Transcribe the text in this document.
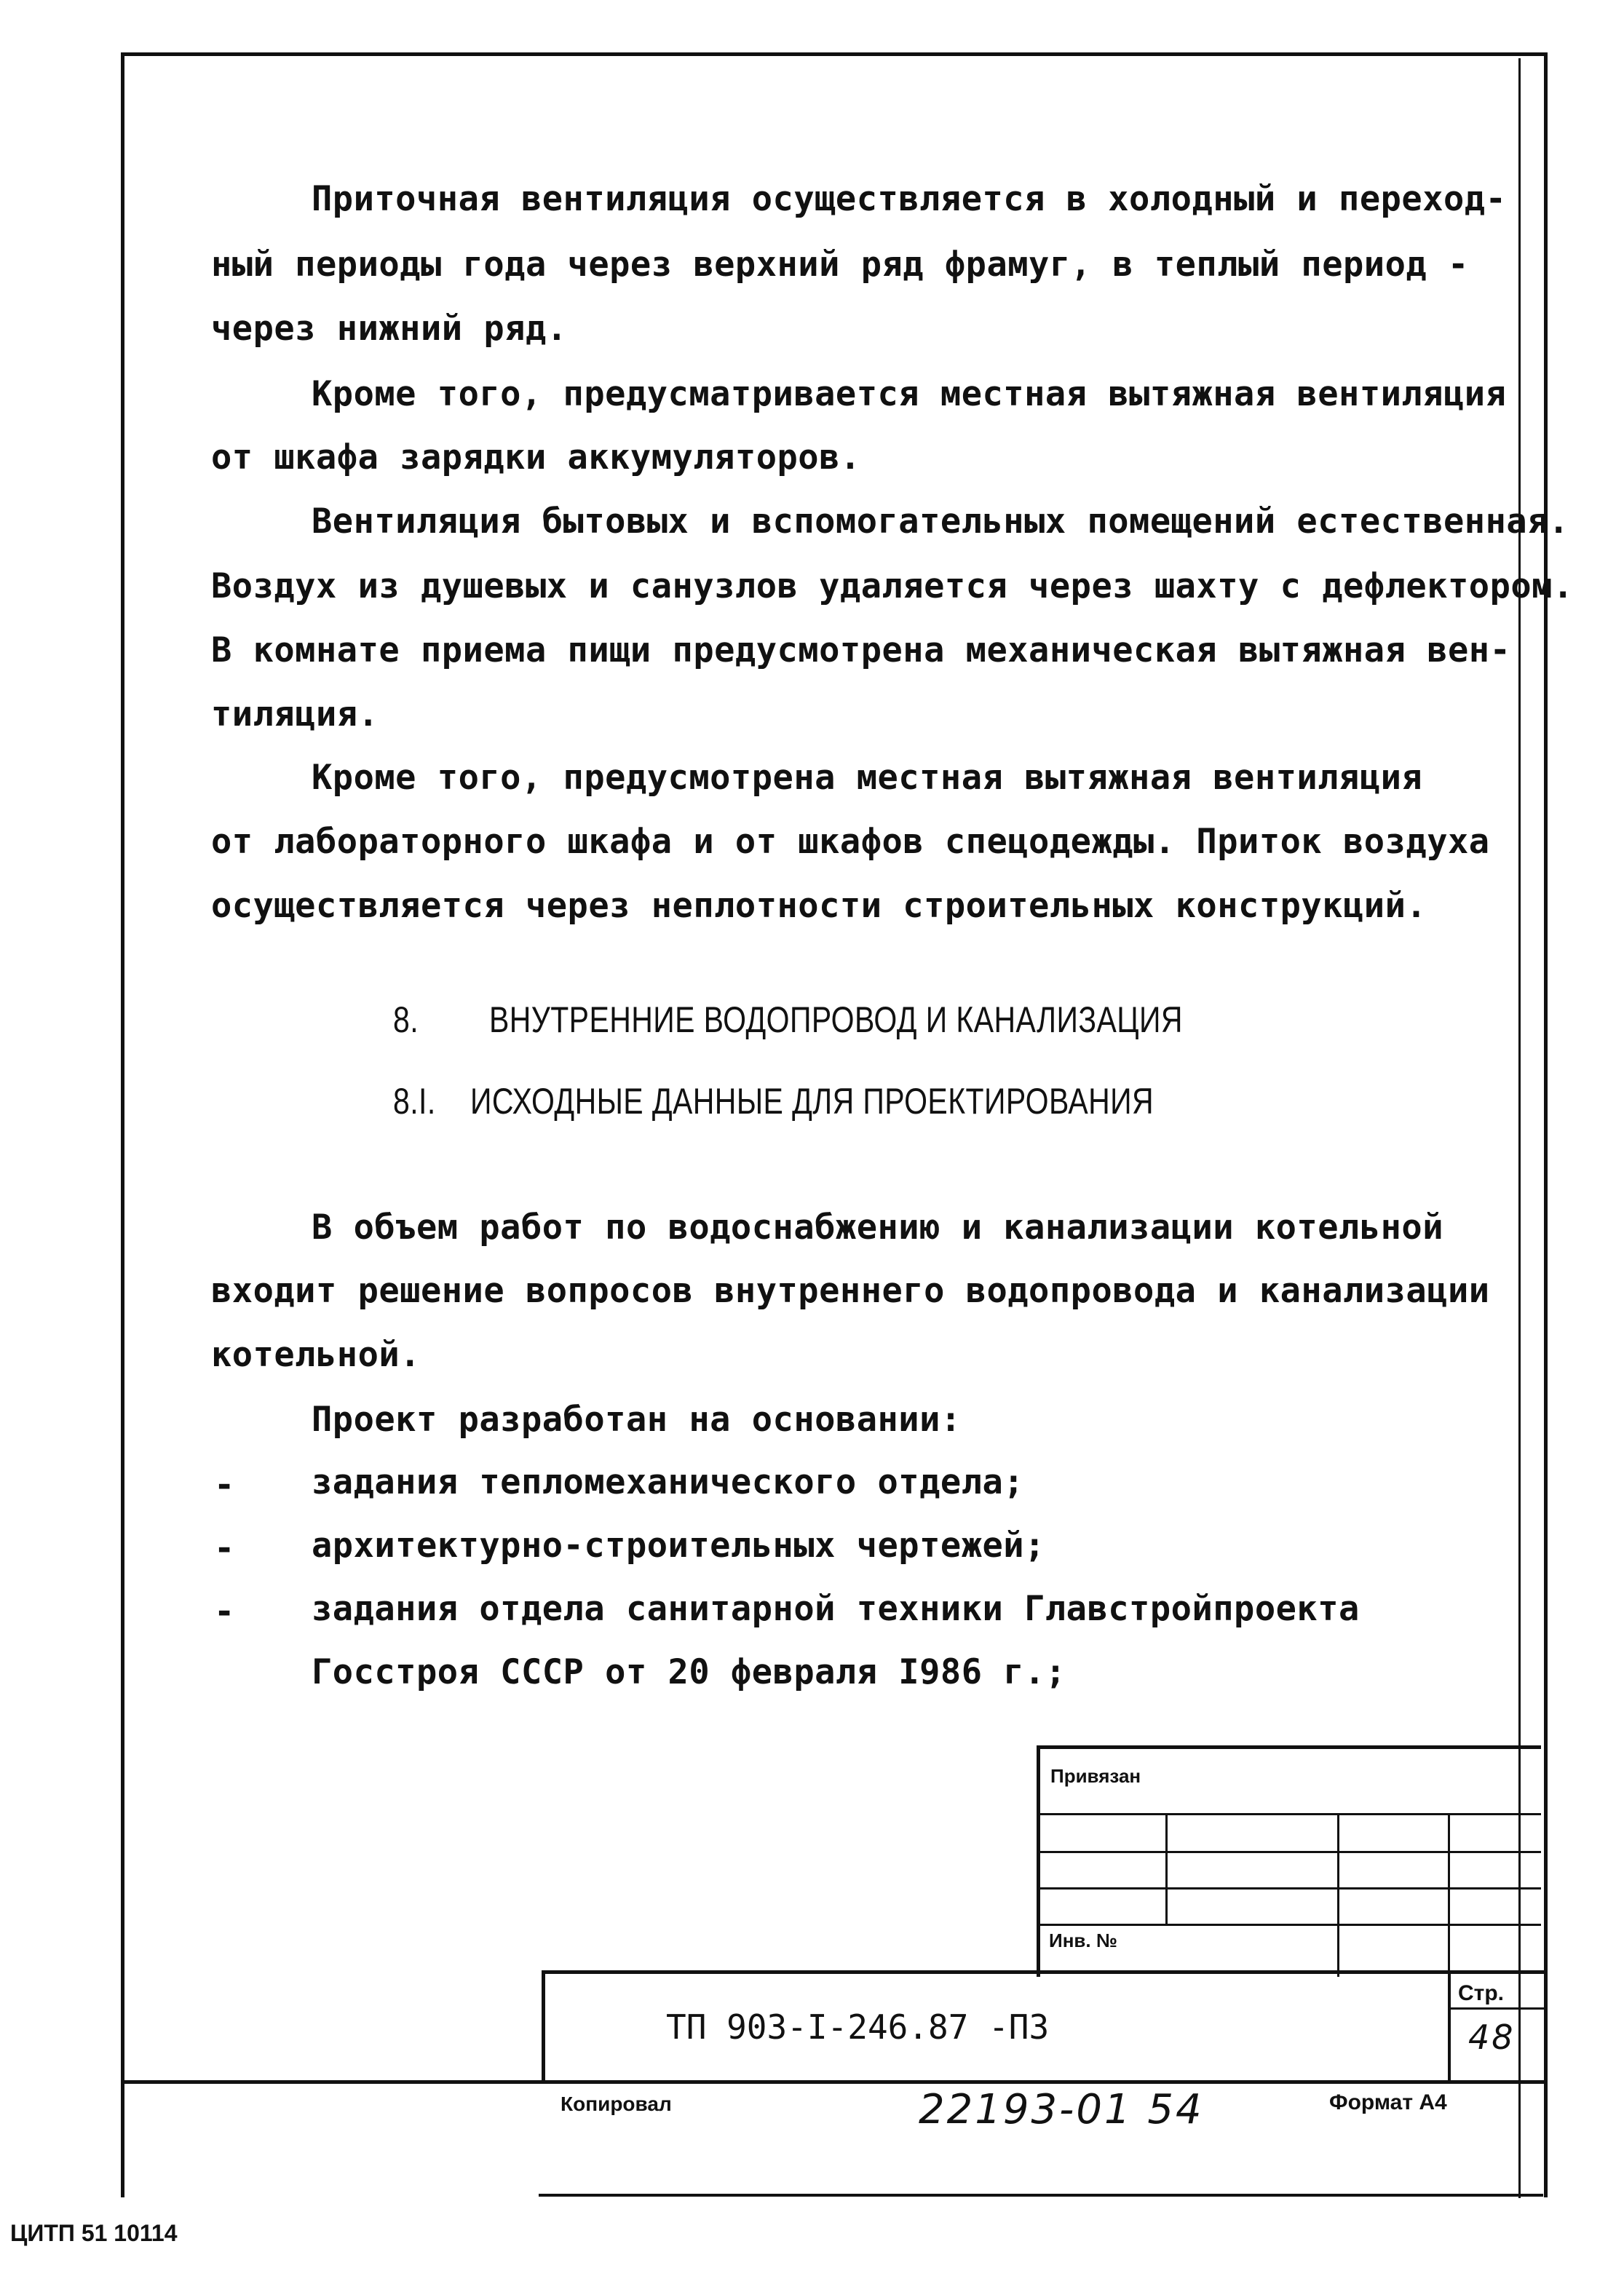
Приточная вентиляция осуществляется в холодный и переход-
ный периоды года через верхний ряд фрамуг, в теплый период -
через нижний ряд.
Кроме того, предусматривается местная вытяжная вентиляция
от шкафа зарядки аккумуляторов.
Вентиляция бытовых и вспомогательных помещений естественная.
Воздух из душевых и санузлов удаляется через шахту с дефлектором.
В комнате приема пищи предусмотрена механическая вытяжная вен-
тиляция.
Кроме того, предусмотрена местная вытяжная вентиляция
от лабораторного шкафа и от шкафов спецодежды. Приток воздуха
осуществляется через неплотности строительных конструкций.
8. ВНУТРЕННИЕ ВОДОПРОВОД И КАНАЛИЗАЦИЯ
8.I. ИСХОДНЫЕ ДАННЫЕ ДЛЯ ПРОЕКТИРОВАНИЯ
В объем работ по водоснабжению и канализации котельной
входит решение вопросов внутреннего водопровода и канализации
котельной.
Проект разработан на основании:
- задания тепломеханического отдела;
- архитектурно-строительных чертежей;
- задания отдела санитарной техники Главстройпроекта
Госстроя СССР от 20 февраля I986 г.;
Привязан
Инв. №
ТП 903-I-246.87 -ПЗ
Стр.
48
Копировал	22193-01 54	Формат А4
ЦИТП 51 10114
